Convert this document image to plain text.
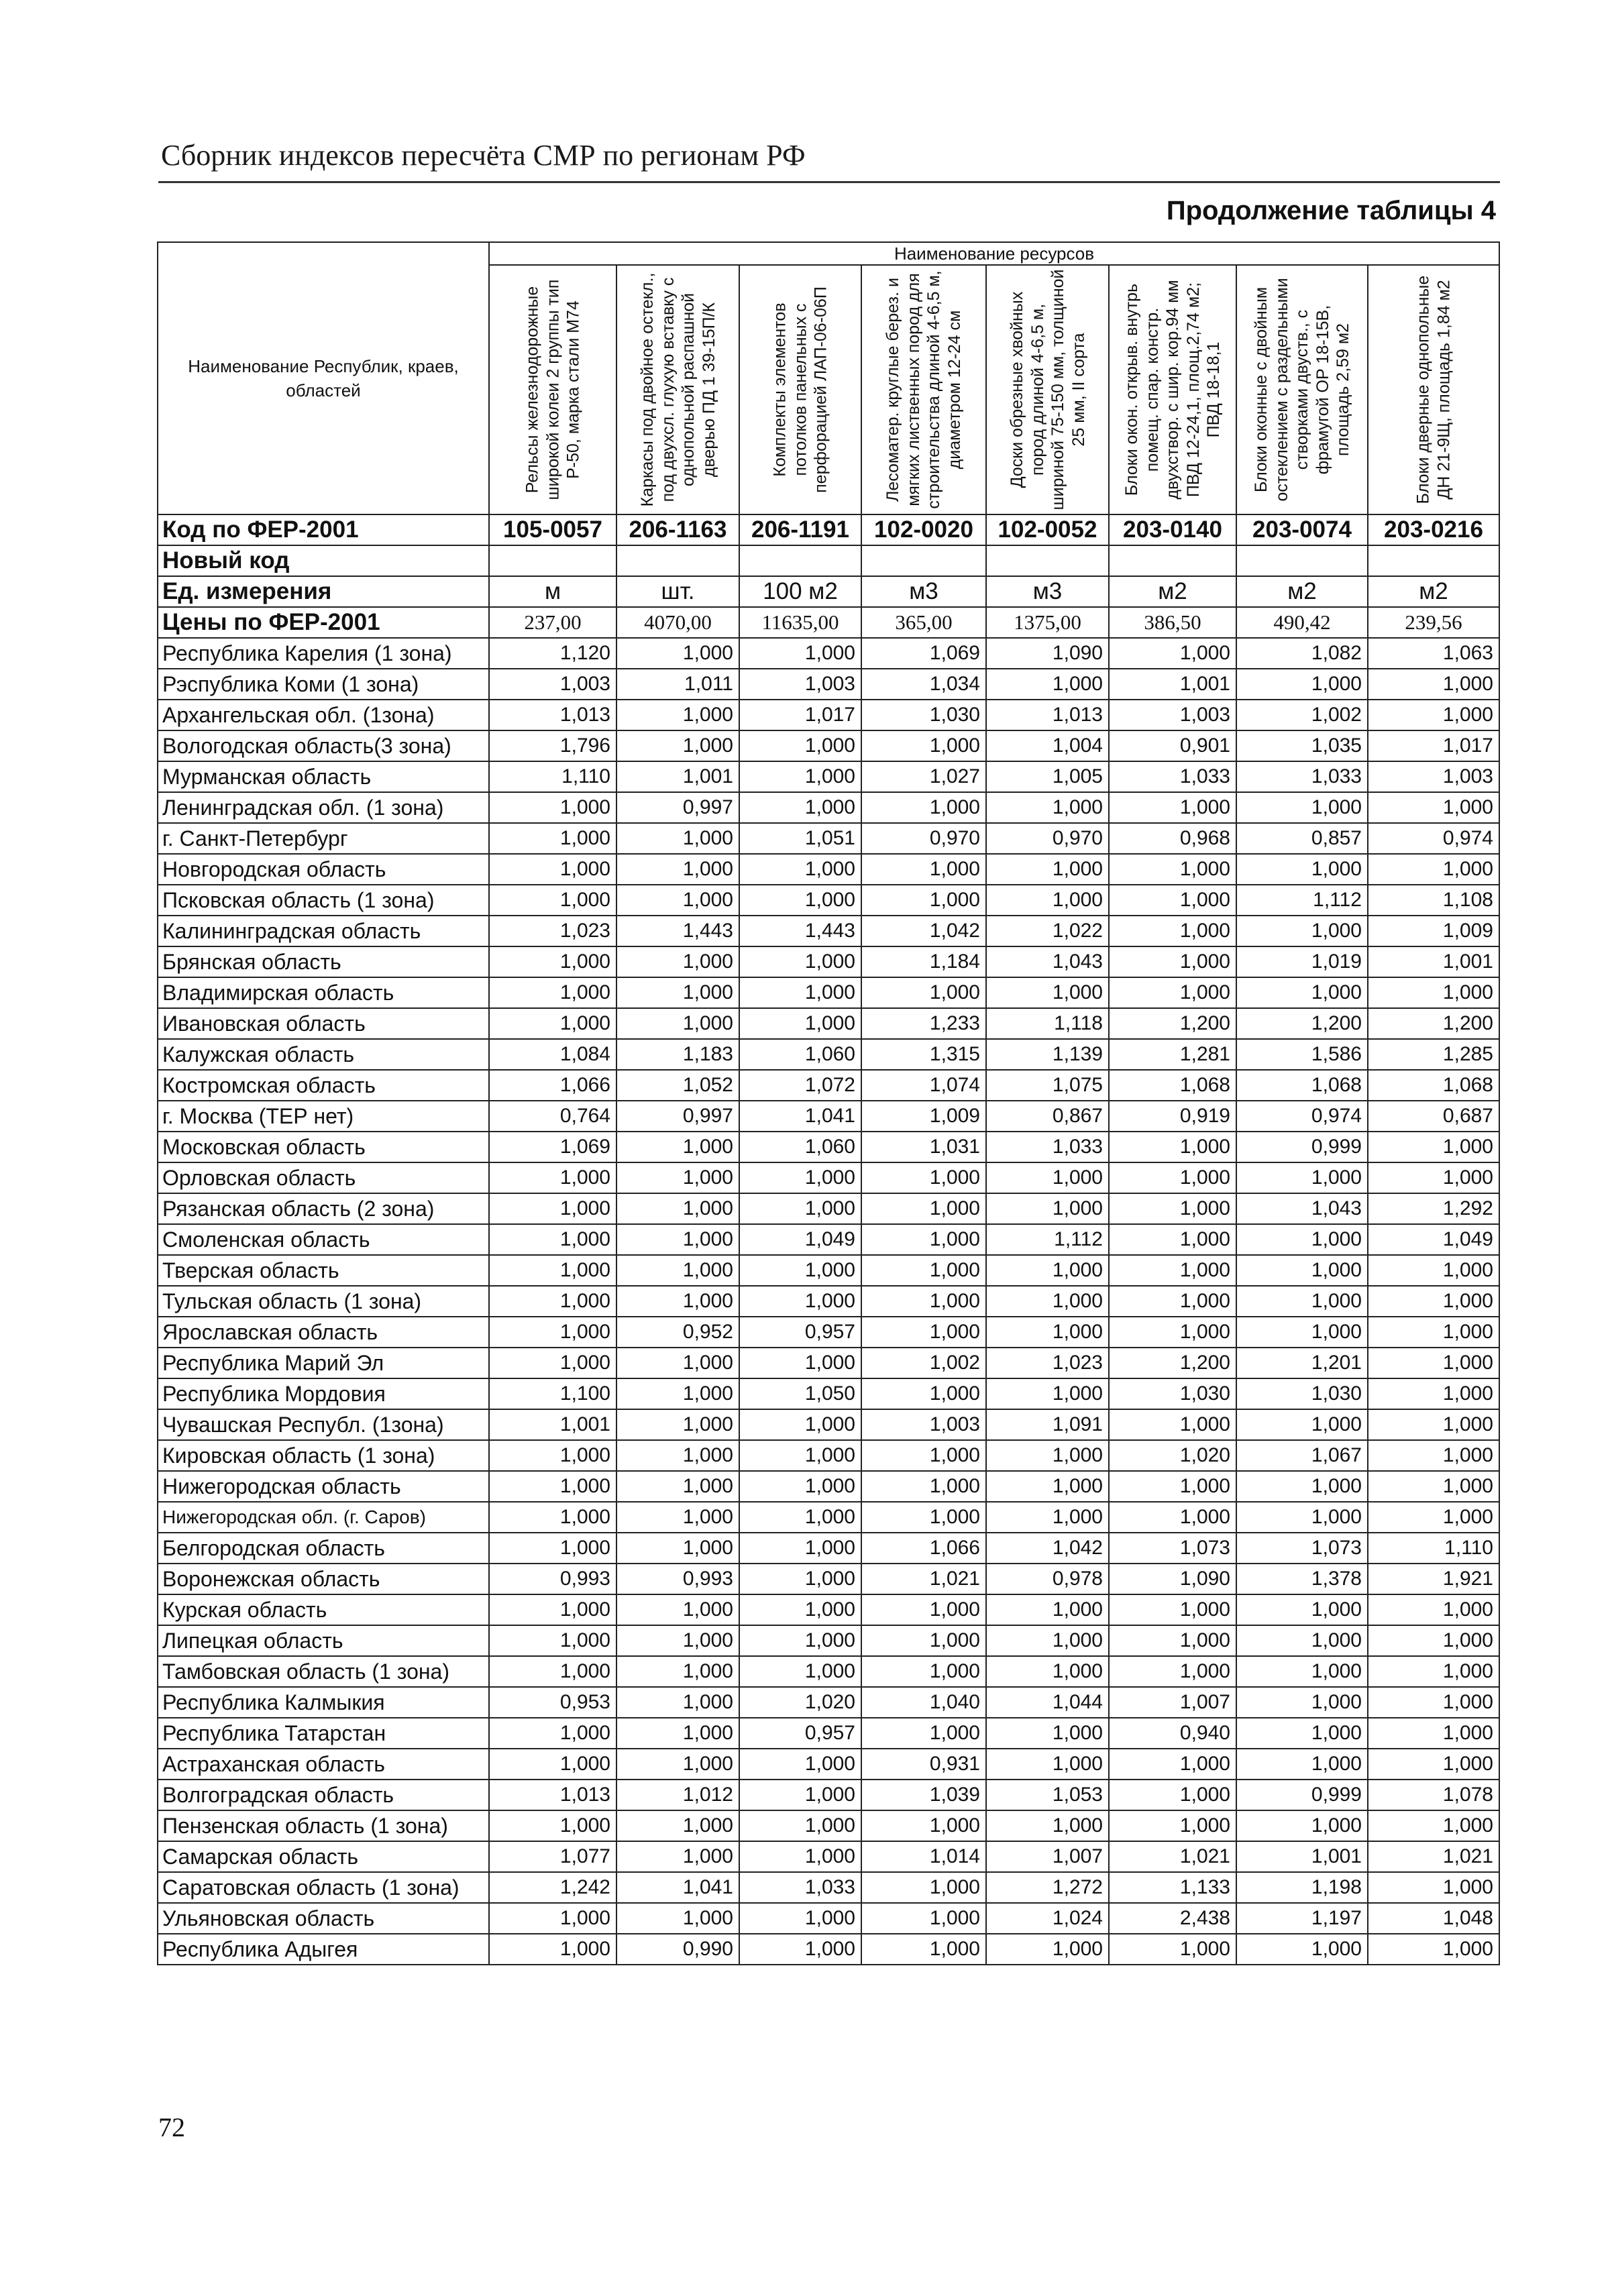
Сборник индексов пересчёта СМР по регионам РФ
Продолжение таблицы 4
Наименование Республик, краев, областей	Наименование ресурсов							

	Рельсы железнодорожные широкой колеи 2 группы тип Р-50, марка стали М74	Каркасы под двойное остекл., под двухсл. глухую вставку с однопольной распашной дверью ПД 1 39-15П/К	Комплекты элементов потолков панельных с перфорацией ЛАП-06-06П	Лесоматер. круглые берез. и мягких лиственных пород для строительства длиной 4-6,5 м, диаметром 12-24 см	Доски обрезные хвойных пород длиной 4-6,5 м, шириной 75-150 мм, толщиной 25 мм, II сорта	Блоки окон. открыв. внутрь помещ. спар. констр. двухствор. с шир. кор.94 мм ПВД 12-24,1, площ.2,74 м2; ПВД 18-18,1	Блоки оконные с двойным остеклением с раздельными створками двуств., с фрамугой ОР 18-15В, площадь 2,59 м2	Блоки дверные однопольные ДН 21-9Щ, площадь 1,84 м2

Код по ФЕР-2001	105-0057	206-1163	206-1191	102-0020	102-0052	203-0140	203-0074	203-0216
Новый код								
Ед. измерения	м	шт.	100 м2	м3	м3	м2	м2	м2
Цены по ФЕР-2001	237,00	4070,00	11635,00	365,00	1375,00	386,50	490,42	239,56
Республика Карелия (1 зона)	1,120	1,000	1,000	1,069	1,090	1,000	1,082	1,063
Рэспублика Коми (1 зона)	1,003	1,011	1,003	1,034	1,000	1,001	1,000	1,000
Архангельская обл. (1зона)	1,013	1,000	1,017	1,030	1,013	1,003	1,002	1,000
Вологодская область(3 зона)	1,796	1,000	1,000	1,000	1,004	0,901	1,035	1,017
Мурманская область	1,110	1,001	1,000	1,027	1,005	1,033	1,033	1,003
Ленинградская обл. (1 зона)	1,000	0,997	1,000	1,000	1,000	1,000	1,000	1,000
г. Санкт-Петербург	1,000	1,000	1,051	0,970	0,970	0,968	0,857	0,974
Новгородская область	1,000	1,000	1,000	1,000	1,000	1,000	1,000	1,000
Псковская область (1 зона)	1,000	1,000	1,000	1,000	1,000	1,000	1,112	1,108
Калининградская область	1,023	1,443	1,443	1,042	1,022	1,000	1,000	1,009
Брянская область	1,000	1,000	1,000	1,184	1,043	1,000	1,019	1,001
Владимирская область	1,000	1,000	1,000	1,000	1,000	1,000	1,000	1,000
Ивановская область	1,000	1,000	1,000	1,233	1,118	1,200	1,200	1,200
Калужская область	1,084	1,183	1,060	1,315	1,139	1,281	1,586	1,285
Костромская область	1,066	1,052	1,072	1,074	1,075	1,068	1,068	1,068
г. Москва (ТЕР нет)	0,764	0,997	1,041	1,009	0,867	0,919	0,974	0,687
Московская область	1,069	1,000	1,060	1,031	1,033	1,000	0,999	1,000
Орловская область	1,000	1,000	1,000	1,000	1,000	1,000	1,000	1,000
Рязанская область (2 зона)	1,000	1,000	1,000	1,000	1,000	1,000	1,043	1,292
Смоленская область	1,000	1,000	1,049	1,000	1,112	1,000	1,000	1,049
Тверская область	1,000	1,000	1,000	1,000	1,000	1,000	1,000	1,000
Тульская область (1 зона)	1,000	1,000	1,000	1,000	1,000	1,000	1,000	1,000
Ярославская область	1,000	0,952	0,957	1,000	1,000	1,000	1,000	1,000
Республика Марий Эл	1,000	1,000	1,000	1,002	1,023	1,200	1,201	1,000
Республика Мордовия	1,100	1,000	1,050	1,000	1,000	1,030	1,030	1,000
Чувашская Республ. (1зона)	1,001	1,000	1,000	1,003	1,091	1,000	1,000	1,000
Кировская область (1 зона)	1,000	1,000	1,000	1,000	1,000	1,020	1,067	1,000
Нижегородская область	1,000	1,000	1,000	1,000	1,000	1,000	1,000	1,000
Нижегородская обл. (г. Саров)	1,000	1,000	1,000	1,000	1,000	1,000	1,000	1,000
Белгородская область	1,000	1,000	1,000	1,066	1,042	1,073	1,073	1,110
Воронежская область	0,993	0,993	1,000	1,021	0,978	1,090	1,378	1,921
Курская область	1,000	1,000	1,000	1,000	1,000	1,000	1,000	1,000
Липецкая область	1,000	1,000	1,000	1,000	1,000	1,000	1,000	1,000
Тамбовская область (1 зона)	1,000	1,000	1,000	1,000	1,000	1,000	1,000	1,000
Республика Калмыкия	0,953	1,000	1,020	1,040	1,044	1,007	1,000	1,000
Республика Татарстан	1,000	1,000	0,957	1,000	1,000	0,940	1,000	1,000
Астраханская область	1,000	1,000	1,000	0,931	1,000	1,000	1,000	1,000
Волгоградская область	1,013	1,012	1,000	1,039	1,053	1,000	0,999	1,078
Пензенская область (1 зона)	1,000	1,000	1,000	1,000	1,000	1,000	1,000	1,000
Самарская область	1,077	1,000	1,000	1,014	1,007	1,021	1,001	1,021
Саратовская область (1 зона)	1,242	1,041	1,033	1,000	1,272	1,133	1,198	1,000
Ульяновская область	1,000	1,000	1,000	1,000	1,024	2,438	1,197	1,048
Республика Адыгея	1,000	0,990	1,000	1,000	1,000	1,000	1,000	1,000
72
